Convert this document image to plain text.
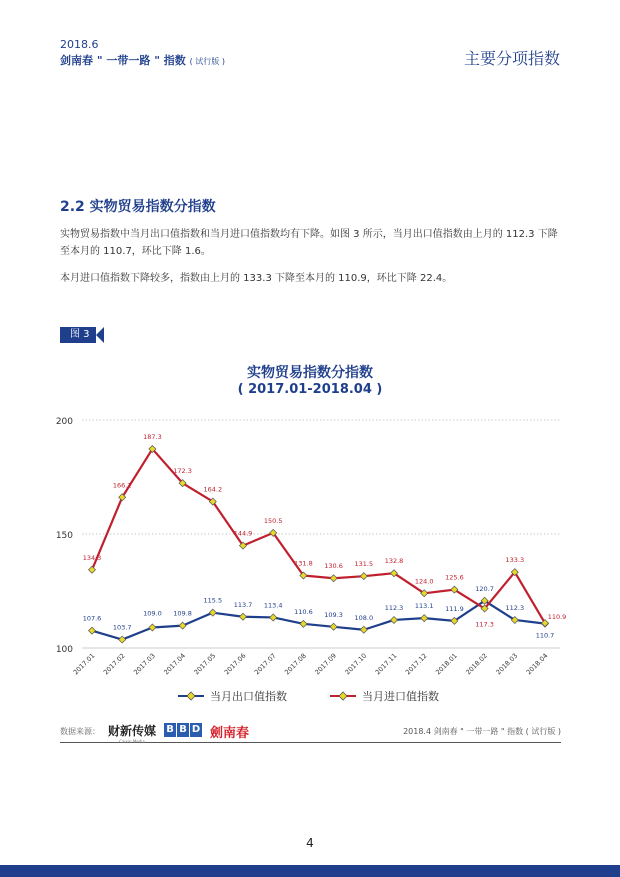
2018.6
剑南春 " 一带一路 " 指数 ( 试行版 )	主要分项指数
2.2 实物贸易指数分指数

实物贸易指数中当月出口值指数和当月进口值指数均有下降。如图 3 所示，当月出口值指数由上月的 112.3 下降至本月的 110.7，环比下降 1.6。

本月进口值指数下降较多，指数由上月的 133.3 下降至本月的 110.9，环比下降 22.4。

图 3
实物贸易指数分指数
( 2017.01-2018.04 )
100
150
200
2017.01 2017.02 2017.03 2017.04 2017.05 2017.06 2017.07 2017.08 2017.09 2017.10 2017.11 2017.12 2018.01 2018.02 2018.03 2018.04
107.6
103.7
109.0 109.8
115.5
113.7 113.4
110.6 109.3 108.0
112.3 113.1 111.9
120.7
112.3
110.7
134.3
166.1
187.3
172.3
164.2
144.9
150.5
131.8 130.6 131.5 132.8
124.0 125.6
117.3
133.3
110.9
当月出口值指数	当月进口值指数
数据来源： 财新传媒
Caixin Media
B B D 劍南春	2018.4 剑南春 " 一带一路 " 指数 ( 试行版 )
4
